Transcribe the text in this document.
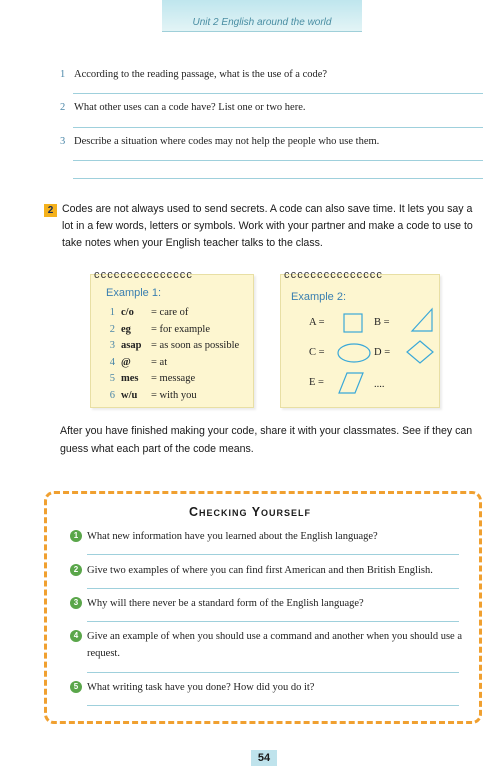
Unit 2 English around the world
1 According to the reading passage, what is the use of a code?
2 What other uses can a code have? List one or two here.
3 Describe a situation where codes may not help the people who use them.
2 Codes are not always used to send secrets. A code can also save time. It lets you say a lot in a few words, letters or symbols. Work with your partner and make a code to use to take notes when your English teacher talks to the class.
ccccccccccccccc
Example 1:
1 c/o = care of
2 eg = for example
3 asap = as soon as possible
4 @ = at
5 mes = message
6 w/u = with you
ccccccccccccccc
Example 2:
A =	B =
C =	D =
E =	....
After you have finished making your code, share it with your classmates. See if they can guess what each part of the code means.
Checking Yourself
1 What new information have you learned about the English language?
2 Give two examples of where you can find first American and then British English.
3 Why will there never be a standard form of the English language?
4 Give an example of when you should use a command and another when you should use a request.
5 What writing task have you done? How did you do it?
54
